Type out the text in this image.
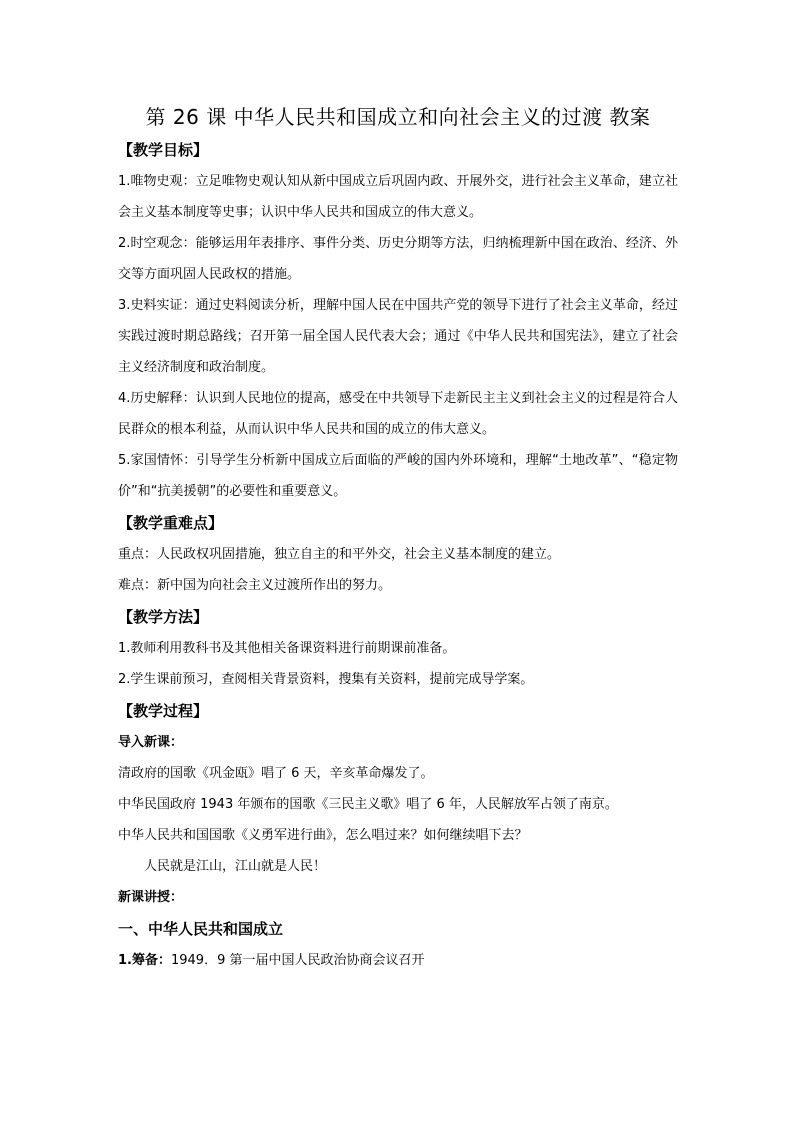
第 26 课 中华人民共和国成立和向社会主义的过渡 教案
【教学目标】

1.唯物史观：立足唯物史观认知从新中国成立后巩固内政、开展外交，进行社会主义革命，建立社会主义基本制度等史事；认识中华人民共和国成立的伟大意义。

2.时空观念：能够运用年表排序、事件分类、历史分期等方法，归纳梳理新中国在政治、经济、外交等方面巩固人民政权的措施。

3.史料实证：通过史料阅读分析，理解中国人民在中国共产党的领导下进行了社会主义革命，经过实践过渡时期总路线；召开第一届全国人民代表大会；通过《中华人民共和国宪法》，建立了社会主义经济制度和政治制度。

4.历史解释：认识到人民地位的提高，感受在中共领导下走新民主主义到社会主义的过程是符合人民群众的根本利益，从而认识中华人民共和国的成立的伟大意义。

5.家国情怀：引导学生分析新中国成立后面临的严峻的国内外环境和，理解“土地改革”、“稳定物价”和“抗美援朝”的必要性和重要意义。

【教学重难点】

重点：人民政权巩固措施，独立自主的和平外交，社会主义基本制度的建立。

难点：新中国为向社会主义过渡所作出的努力。

【教学方法】

1.教师利用教科书及其他相关备课资料进行前期课前准备。

2.学生课前预习，查阅相关背景资料，搜集有关资料，提前完成导学案。

【教学过程】

导入新课：

清政府的国歌《巩金瓯》唱了 6 天，辛亥革命爆发了。

中华民国政府 1943 年颁布的国歌《三民主义歌》唱了 6 年，人民解放军占领了南京。

中华人民共和国国歌《义勇军进行曲》，怎么唱过来？如何继续唱下去？

人民就是江山，江山就是人民！

新课讲授：

一、中华人民共和国成立

1.筹备：1949．9 第一届中国人民政治协商会议召开
